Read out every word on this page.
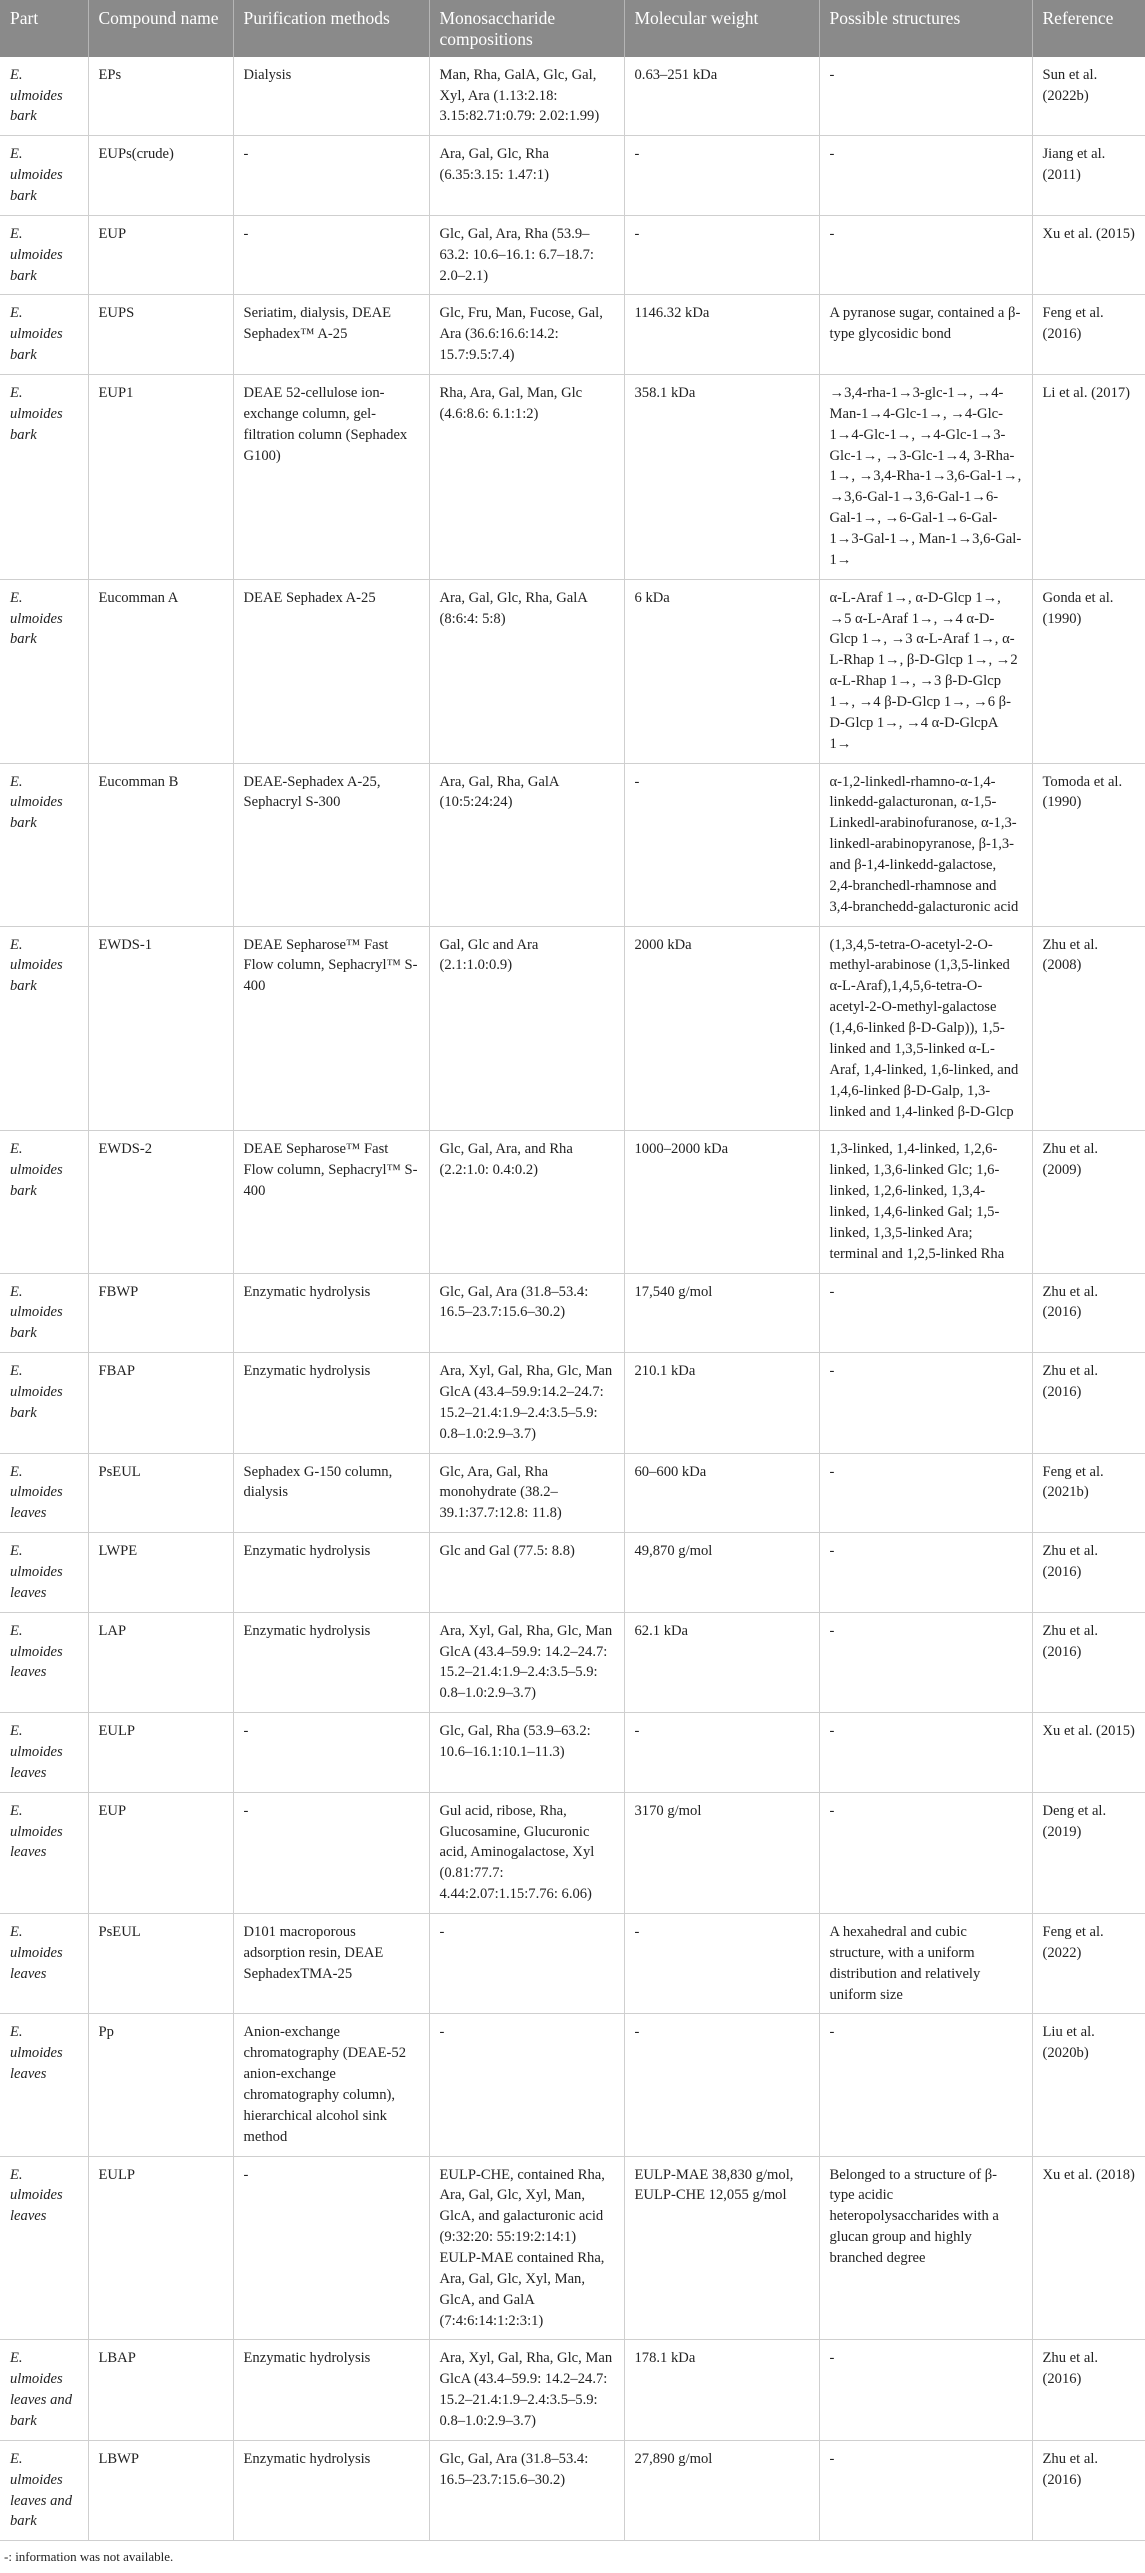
Part	Compound name	Purification methods	Monosaccharide compositions	Molecular weight	Possible structures	Reference
E. ulmoides bark	EPs	Dialysis	Man, Rha, GalA, Glc, Gal, Xyl, Ara (1.13:2.18: 3.15:82.71:0.79: 2.02:1.99)	0.63–251 kDa	-	Sun et al. (2022b)
E. ulmoides bark	EUPs(crude)	-	Ara, Gal, Glc, Rha (6.35:3.15: 1.47:1)	-	-	Jiang et al. (2011)
E. ulmoides bark	EUP	-	Glc, Gal, Ara, Rha (53.9–63.2: 10.6–16.1: 6.7–18.7: 2.0–2.1)	-	-	Xu et al. (2015)
E. ulmoides bark	EUPS	Seriatim, dialysis, DEAE Sephadex™ A-25	Glc, Fru, Man, Fucose, Gal, Ara (36.6:16.6:14.2: 15.7:9.5:7.4)	1146.32 kDa	A pyranose sugar, contained a β-type glycosidic bond	Feng et al. (2016)
E. ulmoides bark	EUP1	DEAE 52-cellulose ion-exchange column, gel-filtration column (Sephadex G100)	Rha, Ara, Gal, Man, Glc (4.6:8.6: 6.1:1:2)	358.1 kDa	→3,4-rha-1→3-glc-1→, →4-Man-1→4-Glc-1→, →4-Glc-1→4-Glc-1→, →4-Glc-1→3-Glc-1→, →3-Glc-1→4, 3-Rha-1→, →3,4-Rha-1→3,6-Gal-1→, →3,6-Gal-1→3,6-Gal-1→6-Gal-1→, →6-Gal-1→6-Gal-1→3-Gal-1→, Man-1→3,6-Gal-1→	Li et al. (2017)
E. ulmoides bark	Eucomman A	DEAE Sephadex A-25	Ara, Gal, Glc, Rha, GalA (8:6:4: 5:8)	6 kDa	α-L-Araf 1→, α-D-Glcp 1→, →5 α-L-Araf 1→, →4 α-D-Glcp 1→, →3 α-L-Araf 1→, α-L-Rhap 1→, β-D-Glcp 1→, →2 α-L-Rhap 1→, →3 β-D-Glcp 1→, →4 β-D-Glcp 1→, →6 β-D-Glcp 1→, →4 α-D-GlcpA 1→	Gonda et al. (1990)
E. ulmoides bark	Eucomman B	DEAE-Sephadex A-25, Sephacryl S-300	Ara, Gal, Rha, GalA (10:5:24:24)	-	α-1,2-linkedl-rhamno-α-1,4-linkedd-galacturonan, α-1,5-Linkedl-arabinofuranose, α-1,3-linkedl-arabinopyranose, β-1,3- and β-1,4-linkedd-galactose, 2,4-branchedl-rhamnose and 3,4-branchedd-galacturonic acid	Tomoda et al. (1990)
E. ulmoides bark	EWDS-1	DEAE Sepharose™ Fast Flow column, Sephacryl™ S-400	Gal, Glc and Ara (2.1:1.0:0.9)	2000 kDa	(1,3,4,5-tetra-O-acetyl-2-O-methyl-arabinose (1,3,5-linked α-L-Araf),1,4,5,6-tetra-O-acetyl-2-O-methyl-galactose (1,4,6-linked β-D-Galp)), 1,5-linked and 1,3,5-linked α-L-Araf, 1,4-linked, 1,6-linked, and 1,4,6-linked β-D-Galp, 1,3-linked and 1,4-linked β-D-Glcp	Zhu et al. (2008)
E. ulmoides bark	EWDS-2	DEAE Sepharose™ Fast Flow column, Sephacryl™ S-400	Glc, Gal, Ara, and Rha (2.2:1.0: 0.4:0.2)	1000–2000 kDa	1,3-linked, 1,4-linked, 1,2,6-linked, 1,3,6-linked Glc; 1,6-linked, 1,2,6-linked, 1,3,4-linked, 1,4,6-linked Gal; 1,5-linked, 1,3,5-linked Ara; terminal and 1,2,5-linked Rha	Zhu et al. (2009)
E. ulmoides bark	FBWP	Enzymatic hydrolysis	Glc, Gal, Ara (31.8–53.4: 16.5–23.7:15.6–30.2)	17,540 g/mol	-	Zhu et al. (2016)
E. ulmoides bark	FBAP	Enzymatic hydrolysis	Ara, Xyl, Gal, Rha, Glc, Man GlcA (43.4–59.9:14.2–24.7: 15.2–21.4:1.9–2.4:3.5–5.9: 0.8–1.0:2.9–3.7)	210.1 kDa	-	Zhu et al. (2016)
E. ulmoides leaves	PsEUL	Sephadex G-150 column, dialysis	Glc, Ara, Gal, Rha monohydrate (38.2–39.1:37.7:12.8: 11.8)	60–600 kDa	-	Feng et al. (2021b)
E. ulmoides leaves	LWPE	Enzymatic hydrolysis	Glc and Gal (77.5: 8.8)	49,870 g/mol	-	Zhu et al. (2016)
E. ulmoides leaves	LAP	Enzymatic hydrolysis	Ara, Xyl, Gal, Rha, Glc, Man GlcA (43.4–59.9: 14.2–24.7: 15.2–21.4:1.9–2.4:3.5–5.9: 0.8–1.0:2.9–3.7)	62.1 kDa	-	Zhu et al. (2016)
E. ulmoides leaves	EULP	-	Glc, Gal, Rha (53.9–63.2: 10.6–16.1:10.1–11.3)	-	-	Xu et al. (2015)
E. ulmoides leaves	EUP	-	Gul acid, ribose, Rha, Glucosamine, Glucuronic acid, Aminogalactose, Xyl (0.81:77.7: 4.44:2.07:1.15:7.76: 6.06)	3170 g/mol	-	Deng et al. (2019)
E. ulmoides leaves	PsEUL	D101 macroporous adsorption resin, DEAE SephadexTMA-25	-	-	A hexahedral and cubic structure, with a uniform distribution and relatively uniform size	Feng et al. (2022)
E. ulmoides leaves	Pp	Anion-exchange chromatography (DEAE-52 anion-exchange chromatography column), hierarchical alcohol sink method	-	-	-	Liu et al. (2020b)
E. ulmoides leaves	EULP	-	EULP-CHE, contained Rha, Ara, Gal, Glc, Xyl, Man, GlcA, and galacturonic acid (9:32:20: 55:19:2:14:1) EULP-MAE contained Rha, Ara, Gal, Glc, Xyl, Man, GlcA, and GalA (7:4:6:14:1:2:3:1)	EULP-MAE 38,830 g/mol, EULP-CHE 12,055 g/mol	Belonged to a structure of β-type acidic heteropolysaccharides with a glucan group and highly branched degree	Xu et al. (2018)
E. ulmoides leaves and bark	LBAP	Enzymatic hydrolysis	Ara, Xyl, Gal, Rha, Glc, Man GlcA (43.4–59.9: 14.2–24.7: 15.2–21.4:1.9–2.4:3.5–5.9: 0.8–1.0:2.9–3.7)	178.1 kDa	-	Zhu et al. (2016)
E. ulmoides leaves and bark	LBWP	Enzymatic hydrolysis	Glc, Gal, Ara (31.8–53.4: 16.5–23.7:15.6–30.2)	27,890 g/mol	-	Zhu et al. (2016)
-: information was not available.
